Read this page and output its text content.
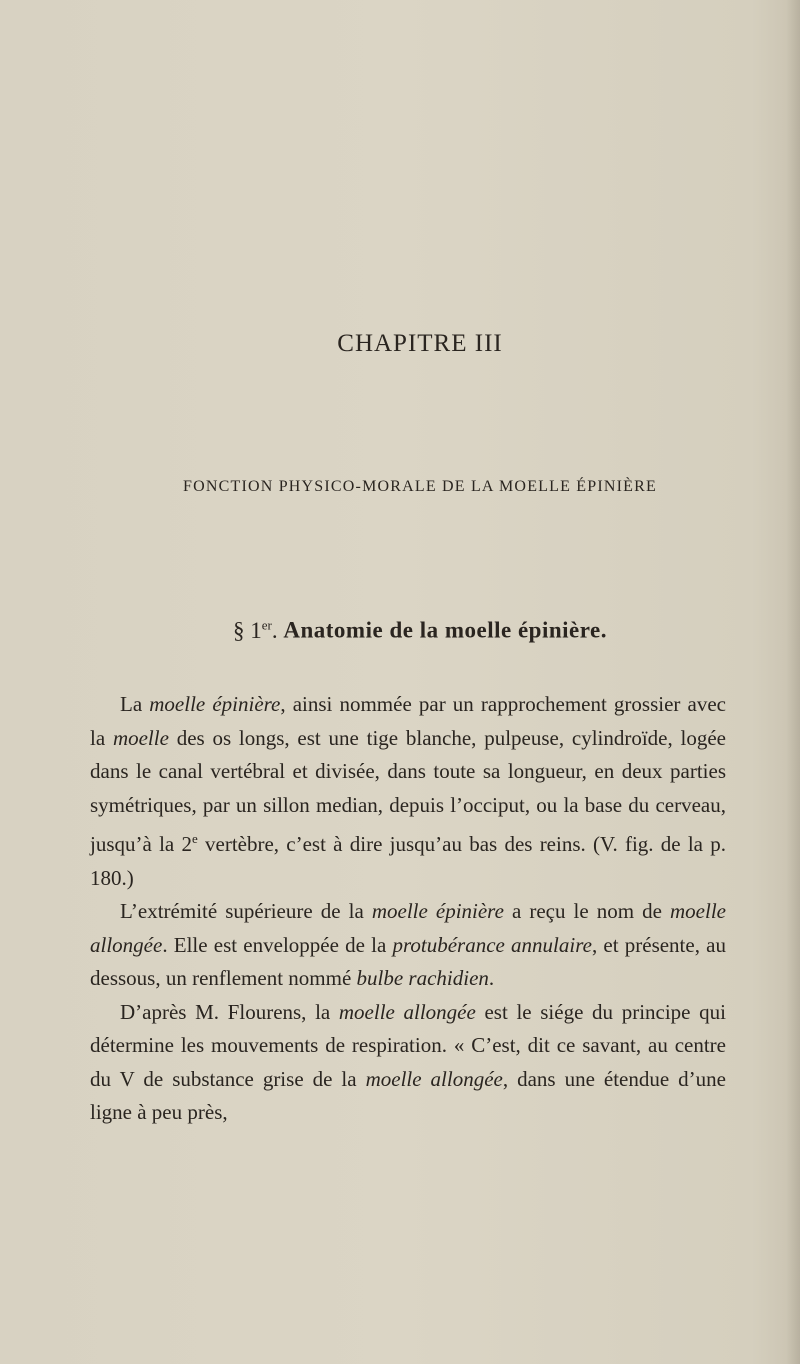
CHAPITRE III
FONCTION PHYSICO-MORALE DE LA MOELLE ÉPINIÈRE
§ 1er. Anatomie de la moelle épinière.

La moelle épinière, ainsi nommée par un rapprochement grossier avec la moelle des os longs, est une tige blanche, pulpeuse, cylindroïde, logée dans le canal vertébral et divisée, dans toute sa longueur, en deux parties symétriques, par un sillon median, depuis l’occiput, ou la base du cerveau, jusqu’à la 2e vertèbre, c’est à dire jusqu’au bas des reins. (V. fig. de la p. 180.)

L’extrémité supérieure de la moelle épinière a reçu le nom de moelle allongée. Elle est enveloppée de la protubérance annulaire, et présente, au dessous, un renflement nommé bulbe rachidien.

D’après M. Flourens, la moelle allongée est le siége du principe qui détermine les mouvements de respiration. « C’est, dit ce savant, au centre du V de substance grise de la moelle allongée, dans une étendue d’une ligne à peu près,
